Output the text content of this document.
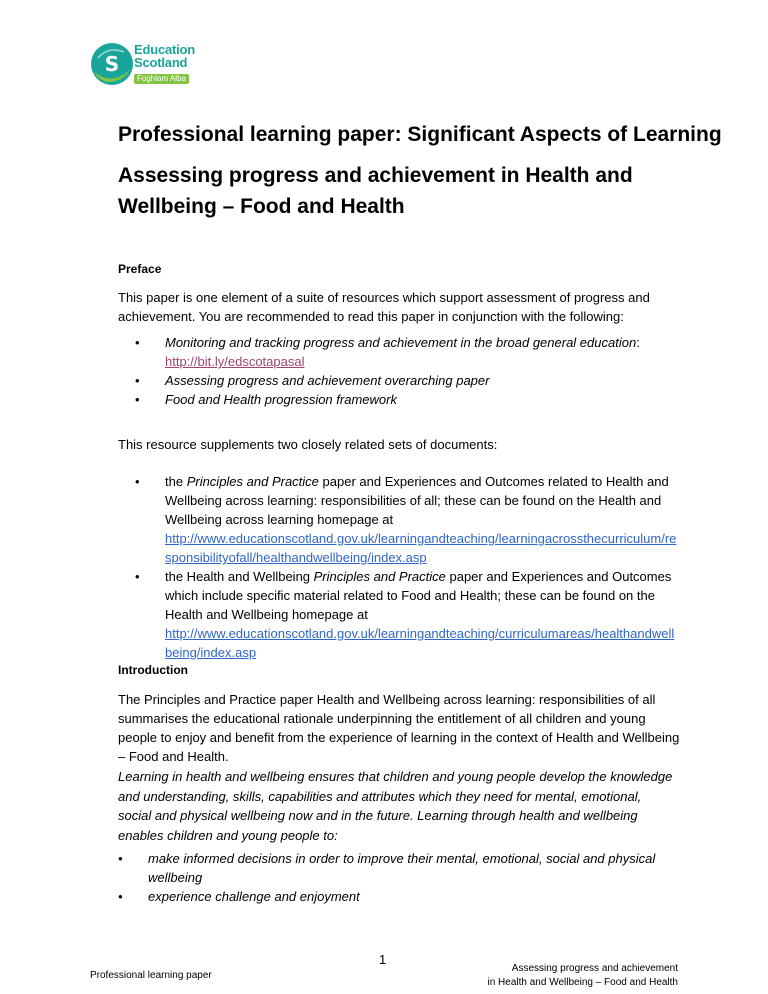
S
Education
Scotland
Foghlam Alba
Professional learning paper: Significant Aspects of Learning
Assessing progress and achievement in Health and Wellbeing – Food and Health
Preface

This paper is one element of a suite of resources which support assessment of progress and achievement. You are recommended to read this paper in conjunction with the following:

• Monitoring and tracking progress and achievement in the broad general education:
http://bit.ly/edscotapasal
• Assessing progress and achievement overarching paper
• Food and Health progression framework

This resource supplements two closely related sets of documents:

• the Principles and Practice paper and Experiences and Outcomes related to Health and Wellbeing across learning: responsibilities of all; these can be found on the Health and Wellbeing across learning homepage at
http://www.educationscotland.gov.uk/learningandteaching/learningacrossthecurriculum/responsibilityofall/healthandwellbeing/index.asp
• the Health and Wellbeing Principles and Practice paper and Experiences and Outcomes which include specific material related to Food and Health; these can be found on the Health and Wellbeing homepage at
http://www.educationscotland.gov.uk/learningandteaching/curriculumareas/healthandwellbeing/index.asp
Introduction

The Principles and Practice paper Health and Wellbeing across learning: responsibilities of all summarises the educational rationale underpinning the entitlement of all children and young people to enjoy and benefit from the experience of learning in the context of Health and Wellbeing – Food and Health.

Learning in health and wellbeing ensures that children and young people develop the knowledge and understanding, skills, capabilities and attributes which they need for mental, emotional, social and physical wellbeing now and in the future. Learning through health and wellbeing enables children and young people to:

• make informed decisions in order to improve their mental, emotional, social and physical wellbeing
• experience challenge and enjoyment
1
Professional learning paper
Assessing progress and achievement
in Health and Wellbeing – Food and Health
